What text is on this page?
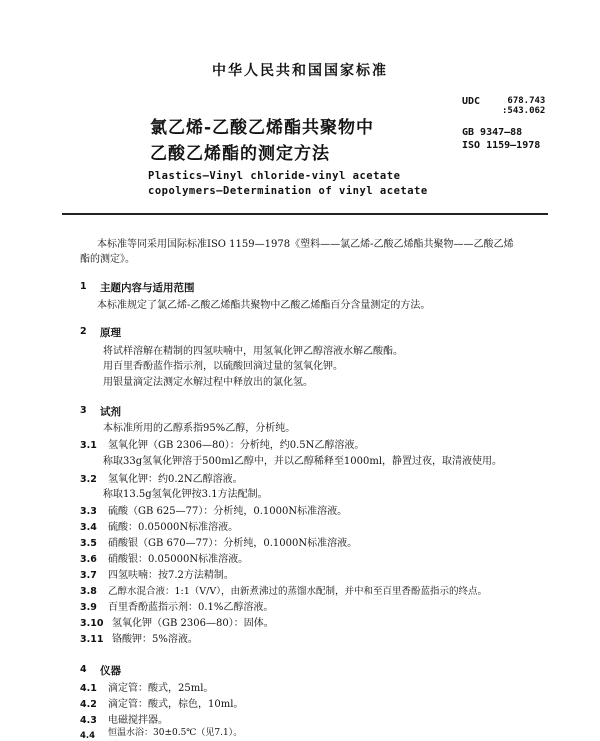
中华人民共和国国家标准
UDC	678.743
:543.062
GB 9347—88
ISO 1159—1978
氯乙烯-乙酸乙烯酯共聚物中
乙酸乙烯酯的测定方法
Plastics—Vinyl chloride-vinyl acetate
copolymers—Determination of vinyl acetate
本标准等同采用国际标准ISO 1159—1978《塑料——氯乙烯-乙酸乙烯酯共聚物——乙酸乙烯
酯的测定》。
1 主题内容与适用范围
本标准规定了氯乙烯-乙酸乙烯酯共聚物中乙酸乙烯酯百分含量测定的方法。
2 原理
将试样溶解在精制的四氢呋喃中，用氢氧化钾乙醇溶液水解乙酸酯。
用百里香酚蓝作指示剂，以硫酸回滴过量的氢氧化钾。
用银量滴定法测定水解过程中释放出的氯化氢。
3 试剂
本标准所用的乙醇系指95%乙醇，分析纯。
3.1 氢氧化钾（GB 2306—80）：分析纯，约0.5N乙醇溶液。
称取33g氢氧化钾溶于500ml乙醇中，并以乙醇稀释至1000ml，静置过夜，取清液使用。
3.2 氢氧化钾：约0.2N乙醇溶液。
称取13.5g氢氧化钾按3.1方法配制。
3.3 硫酸（GB 625—77）：分析纯，0.1000N标准溶液。
3.4 硫酸：0.05000N标准溶液。
3.5 硝酸银（GB 670—77）：分析纯，0.1000N标准溶液。
3.6 硝酸银：0.05000N标准溶液。
3.7 四氢呋喃：按7.2方法精制。
3.8 乙醇水混合液：1:1（V/V），由新煮沸过的蒸馏水配制，并中和至百里香酚蓝指示的终点。
3.9 百里香酚蓝指示剂：0.1%乙醇溶液。
3.10 氢氧化钾（GB 2306—80）：固体。
3.11 铬酸钾：5%溶液。
4 仪器
4.1 滴定管：酸式，25ml。
4.2 滴定管：酸式，棕色，10ml。
4.3 电磁搅拌器。
4.4 恒温水浴：30±0.5℃（见7.1）。
